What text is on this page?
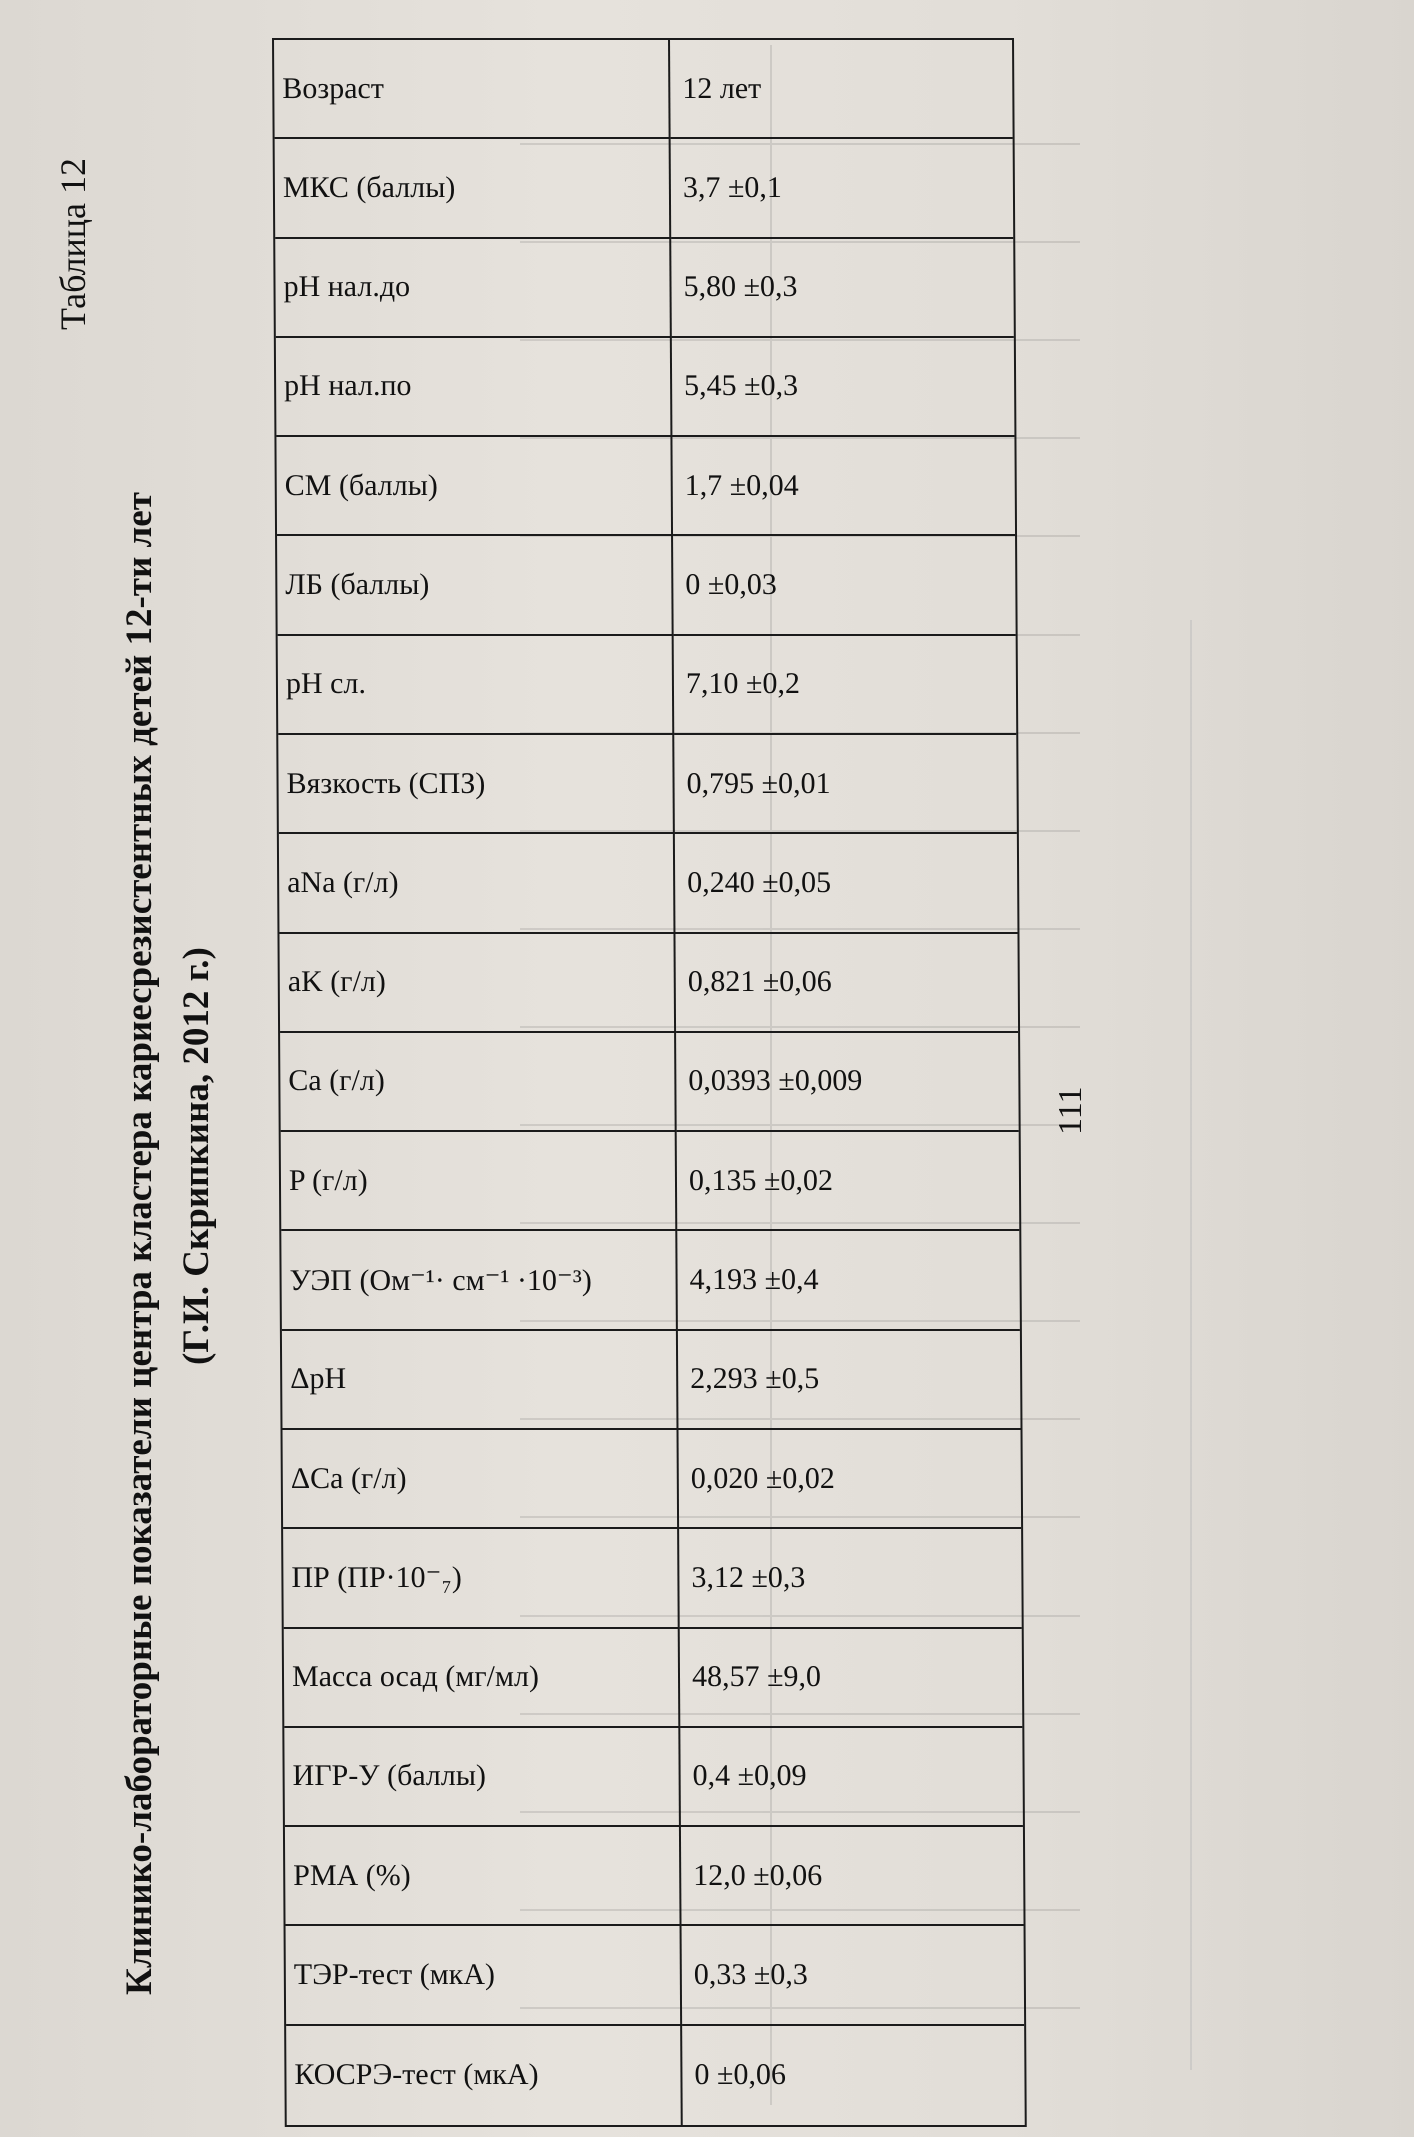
Таблица 12
Клинико-лабораторные показатели центра кластера кариесрезистентных детей 12-ти лет (Г.И. Скрипкина, 2012 г.)
Возраст	12 лет
МКС (баллы)	3,7 ±0,1
pH нал.до	5,80 ±0,3
pH нал.по	5,45 ±0,3
СМ (баллы)	1,7 ±0,04
ЛБ (баллы)	0 ±0,03
pH сл.	7,10 ±0,2
Вязкость (СПЗ)	0,795 ±0,01
aNa (г/л)	0,240 ±0,05
aK (г/л)	0,821 ±0,06
Ca (г/л)	0,0393 ±0,009
P (г/л)	0,135 ±0,02
УЭП (Ом⁻¹· см⁻¹ ·10⁻³)	4,193 ±0,4
ΔpH	2,293 ±0,5
ΔCa (г/л)	0,020 ±0,02
ПР (ПР·10⁻₇)	3,12 ±0,3
Масса осад (мг/мл)	48,57 ±9,0
ИГР-У (баллы)	0,4 ±0,09
РМА (%)	12,0 ±0,06
ТЭР-тест (мкА)	0,33 ±0,3
КОСРЭ-тест (мкА)	0 ±0,06
111
